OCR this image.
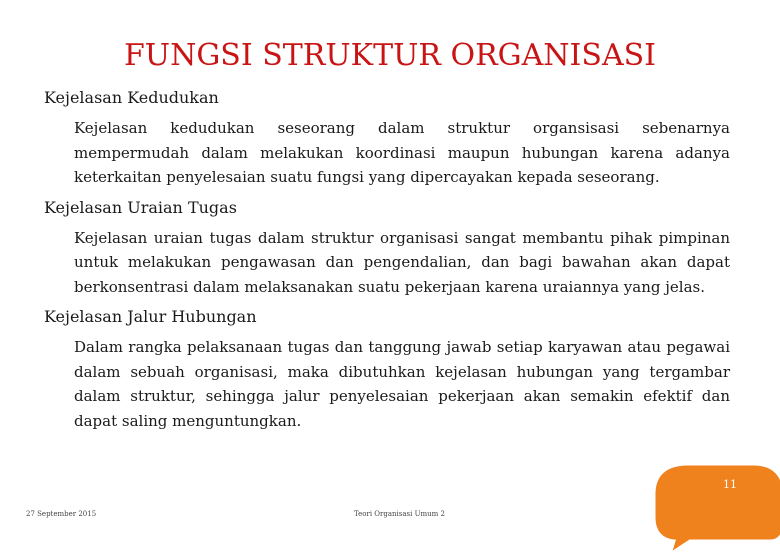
FUNGSI STRUKTUR ORGANISASI

Kejelasan Kedudukan

Kejelasan kedudukan seseorang dalam struktur organsisasi sebenarnya mempermudah dalam melakukan koordinasi maupun hubungan karena adanya keterkaitan penyelesaian suatu fungsi yang dipercayakan kepada seseorang.

Kejelasan Uraian Tugas

Kejelasan uraian tugas dalam struktur organisasi sangat membantu pihak pimpinan untuk melakukan pengawasan dan pengendalian, dan bagi bawahan akan dapat berkonsentrasi dalam melaksanakan suatu pekerjaan karena uraiannya yang jelas.

Kejelasan Jalur Hubungan

Dalam rangka pelaksanaan tugas dan tanggung jawab setiap karyawan atau pegawai dalam sebuah organisasi, maka dibutuhkan kejelasan hubungan yang tergambar dalam struktur, sehingga jalur penyelesaian pekerjaan akan semakin efektif dan dapat saling menguntungkan.

27 September 2015	Teori Organisasi Umum 2
11
